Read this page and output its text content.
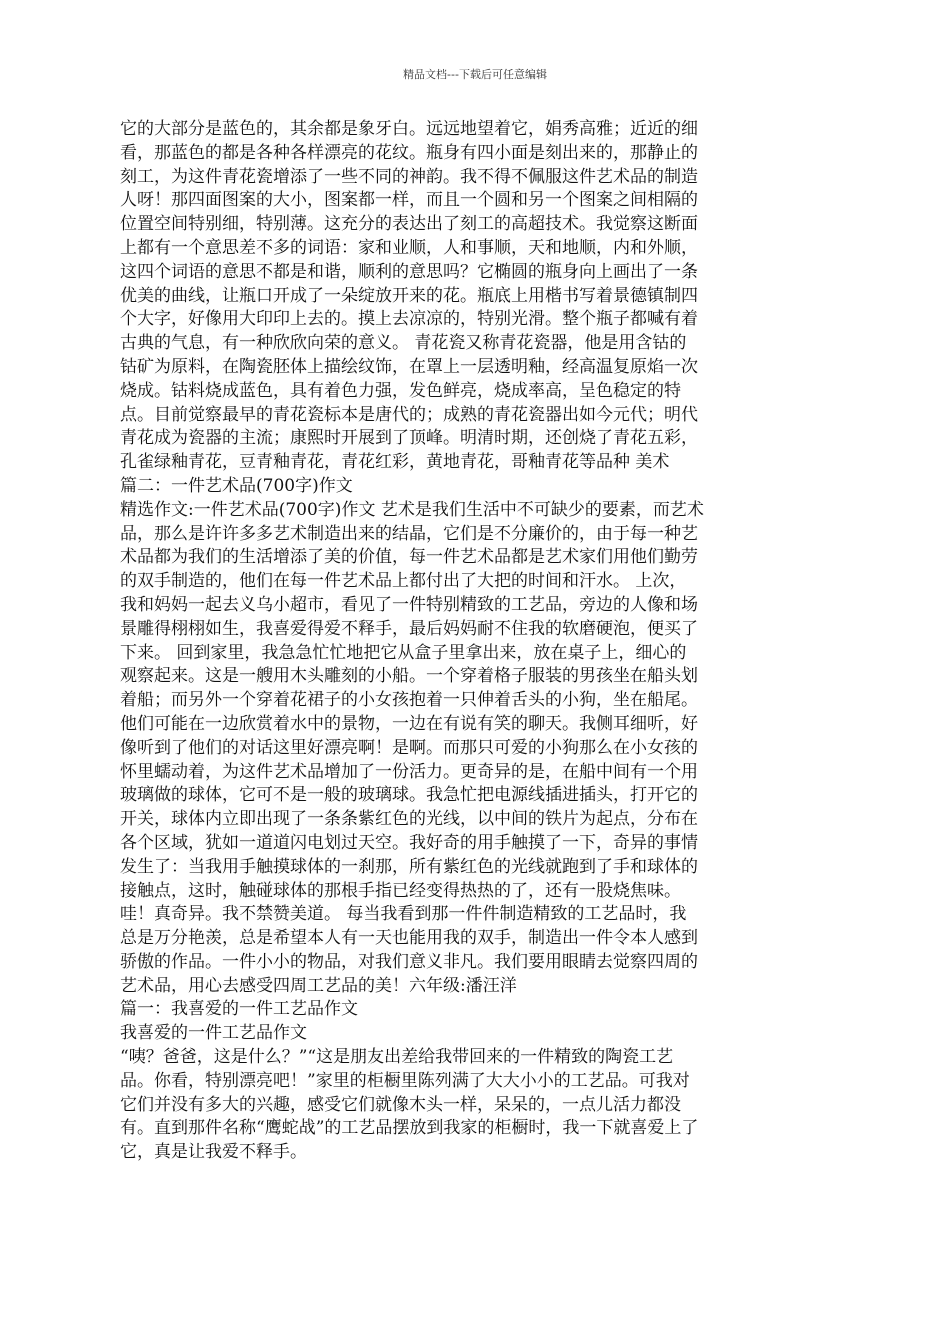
精品文档---下载后可任意编辑
它的大部分是蓝色的，其余都是象牙白。远远地望着它，娟秀高雅；近近的细
看，那蓝色的都是各种各样漂亮的花纹。瓶身有四小面是刻出来的，那静止的
刻工，为这件青花瓷增添了一些不同的神韵。我不得不佩服这件艺术品的制造
人呀！那四面图案的大小，图案都一样，而且一个圆和另一个图案之间相隔的
位置空间特别细，特别薄。这充分的表达出了刻工的高超技术。我觉察这断面
上都有一个意思差不多的词语：家和业顺，人和事顺，天和地顺，内和外顺，
这四个词语的意思不都是和谐，顺利的意思吗？它椭圆的瓶身向上画出了一条
优美的曲线，让瓶口开成了一朵绽放开来的花。瓶底上用楷书写着景德镇制四
个大字，好像用大印印上去的。摸上去凉凉的，特别光滑。整个瓶子都喊有着
古典的气息，有一种欣欣向荣的意义。 青花瓷又称青花瓷器，他是用含钴的
钴矿为原料，在陶瓷胚体上描绘纹饰，在罩上一层透明釉，经高温复原焰一次
烧成。钴料烧成蓝色，具有着色力强，发色鲜亮，烧成率高，呈色稳定的特
点。目前觉察最早的青花瓷标本是唐代的；成熟的青花瓷器出如今元代；明代
青花成为瓷器的主流；康熙时开展到了顶峰。明清时期，还创烧了青花五彩，
孔雀绿釉青花，豆青釉青花，青花红彩，黄地青花，哥釉青花等品种 美术
篇二：一件艺术品(700字)作文
精选作文:一件艺术品(700字)作文 艺术是我们生活中不可缺少的要素，而艺术
品，那么是许许多多艺术制造出来的结晶，它们是不分廉价的，由于每一种艺
术品都为我们的生活增添了美的价值，每一件艺术品都是艺术家们用他们勤劳
的双手制造的，他们在每一件艺术品上都付出了大把的时间和汗水。 上次，
我和妈妈一起去义乌小超市，看见了一件特别精致的工艺品，旁边的人像和场
景雕得栩栩如生，我喜爱得爱不释手，最后妈妈耐不住我的软磨硬泡，便买了
下来。 回到家里，我急急忙忙地把它从盒子里拿出来，放在桌子上，细心的
观察起来。这是一艘用木头雕刻的小船。一个穿着格子服装的男孩坐在船头划
着船；而另外一个穿着花裙子的小女孩抱着一只伸着舌头的小狗，坐在船尾。
他们可能在一边欣赏着水中的景物，一边在有说有笑的聊天。我侧耳细听，好
像听到了他们的对话这里好漂亮啊！是啊。而那只可爱的小狗那么在小女孩的
怀里蠕动着，为这件艺术品增加了一份活力。更奇异的是，在船中间有一个用
玻璃做的球体，它可不是一般的玻璃球。我急忙把电源线插进插头，打开它的
开关，球体内立即出现了一条条紫红色的光线，以中间的铁片为起点，分布在
各个区域，犹如一道道闪电划过天空。我好奇的用手触摸了一下，奇异的事情
发生了：当我用手触摸球体的一刹那，所有紫红色的光线就跑到了手和球体的
接触点，这时，触碰球体的那根手指已经变得热热的了，还有一股烧焦味。
哇！真奇异。我不禁赞美道。 每当我看到那一件件制造精致的工艺品时，我
总是万分艳羡，总是希望本人有一天也能用我的双手，制造出一件令本人感到
骄傲的作品。一件小小的物品，对我们意义非凡。我们要用眼睛去觉察四周的
艺术品，用心去感受四周工艺品的美！六年级:潘汪洋
篇一：我喜爱的一件工艺品作文
我喜爱的一件工艺品作文
“咦？爸爸，这是什么？”“这是朋友出差给我带回来的一件精致的陶瓷工艺
品。你看，特别漂亮吧！”家里的柜橱里陈列满了大大小小的工艺品。可我对
它们并没有多大的兴趣，感受它们就像木头一样，呆呆的，一点儿活力都没
有。直到那件名称“鹰蛇战”的工艺品摆放到我家的柜橱时，我一下就喜爱上了
它，真是让我爱不释手。
